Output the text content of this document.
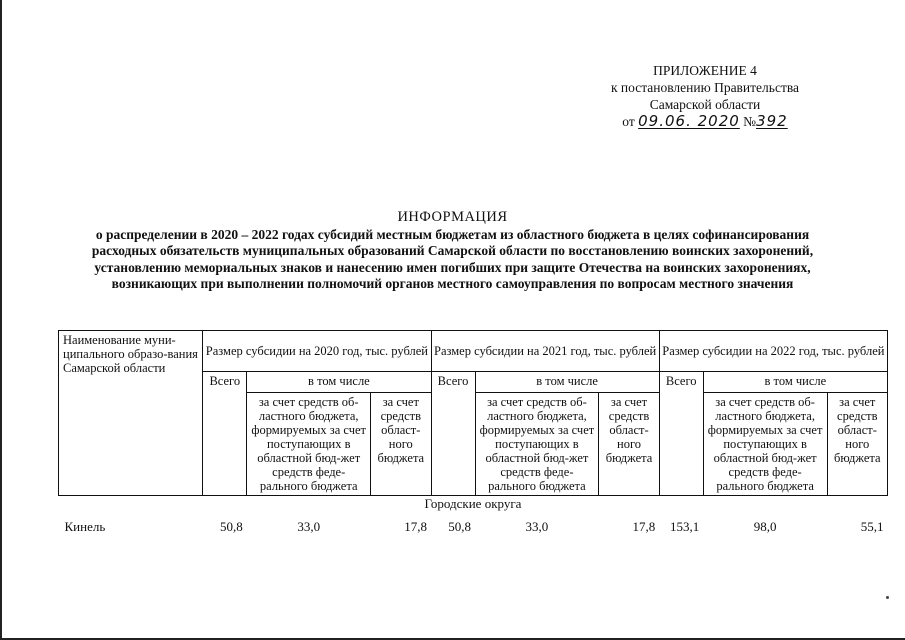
ПРИЛОЖЕНИЕ 4
к постановлению Правительства
Самарской области
от 09.06. 2020 №392
ИНФОРМАЦИЯ
о распределении в 2020 – 2022 годах субсидий местным бюджетам из областного бюджета в целях софинансирования
расходных обязательств муниципальных образований Самарской области по восстановлению воинских захоронений,
установлению мемориальных знаков и нанесению имен погибших при защите Отечества на воинских захоронениях,
возникающих при выполнении полномочий органов местного самоуправления по вопросам местного значения
Наименование муни-ципального образо-вания Самарской области	Размер субсидии на 2020 год, тыс. рублей			Размер субсидии на 2021 год, тыс. рублей			Размер субсидии на 2022 год, тыс. рублей		
	Всего	в том числе		Всего	в том числе		Всего	в том числе	
		за счет средств об-ластного бюджета, формируемых за счет поступающих в областной бюд-жет средств феде-рального бюджета	за счет средств област-ного бюджета		за счет средств об-ластного бюджета, формируемых за счет поступающих в областной бюд-жет средств феде-рального бюджета	за счет средств област-ного бюджета		за счет средств об-ластного бюджета, формируемых за счет поступающих в областной бюд-жет средств феде-рального бюджета	за счет средств област-ного бюджета
Городские округа									
Кинель	50,8	33,0	17,8	50,8	33,0	17,8	153,1	98,0	55,1
